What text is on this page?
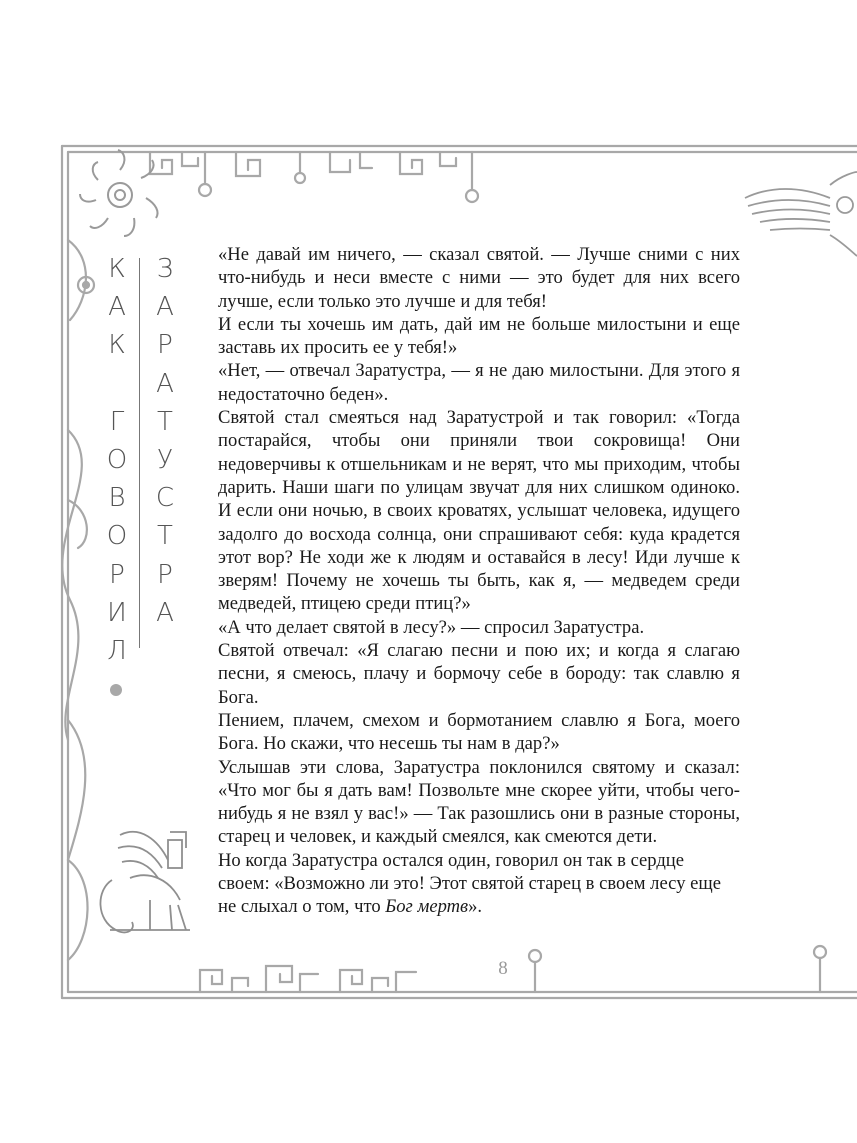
К
А
К
Г
О
В
О
Р
И
Л
З
А
Р
А
Т
У
С
Т
Р
А

«Не давай им ничего, — сказал святой. — Лучше сними с них что-нибудь и неси вместе с ними — это будет для них всего лучше, если только это лучше и для тебя!

И если ты хочешь им дать, дай им не больше милостыни и еще заставь их просить ее у тебя!»

«Нет, — отвечал Заратустра, — я не даю милостыни. Для этого я недостаточно беден».

Святой стал смеяться над Заратустрой и так говорил: «Тогда постарайся, чтобы они приняли твои сокровища! Они недоверчивы к отшельникам и не верят, что мы приходим, чтобы дарить. Наши шаги по улицам звучат для них слишком одиноко. И если они ночью, в своих кроватях, услышат человека, идущего задолго до восхода солнца, они спрашивают себя: куда крадется этот вор? Не ходи же к людям и оставайся в лесу! Иди лучше к зверям! Почему не хочешь ты быть, как я, — медведем среди медведей, птицею среди птиц?»

«А что делает святой в лесу?» — спросил Заратустра.

Святой отвечал: «Я слагаю песни и пою их; и когда я слагаю песни, я смеюсь, плачу и бормочу себе в бороду: так славлю я Бога.

Пением, плачем, смехом и бормотанием славлю я Бога, моего Бога. Но скажи, что несешь ты нам в дар?»

Услышав эти слова, Заратустра поклонился святому и сказал: «Что мог бы я дать вам! Позвольте мне скорее уйти, чтобы чего-нибудь я не взял у вас!» — Так разошлись они в разные стороны, старец и человек, и каждый смеялся, как смеются дети.

Но когда Заратустра остался один, говорил он так в сердце своем: «Возможно ли это! Этот святой старец в своем лесу еще не слыхал о том, что Бог мертв».

8
